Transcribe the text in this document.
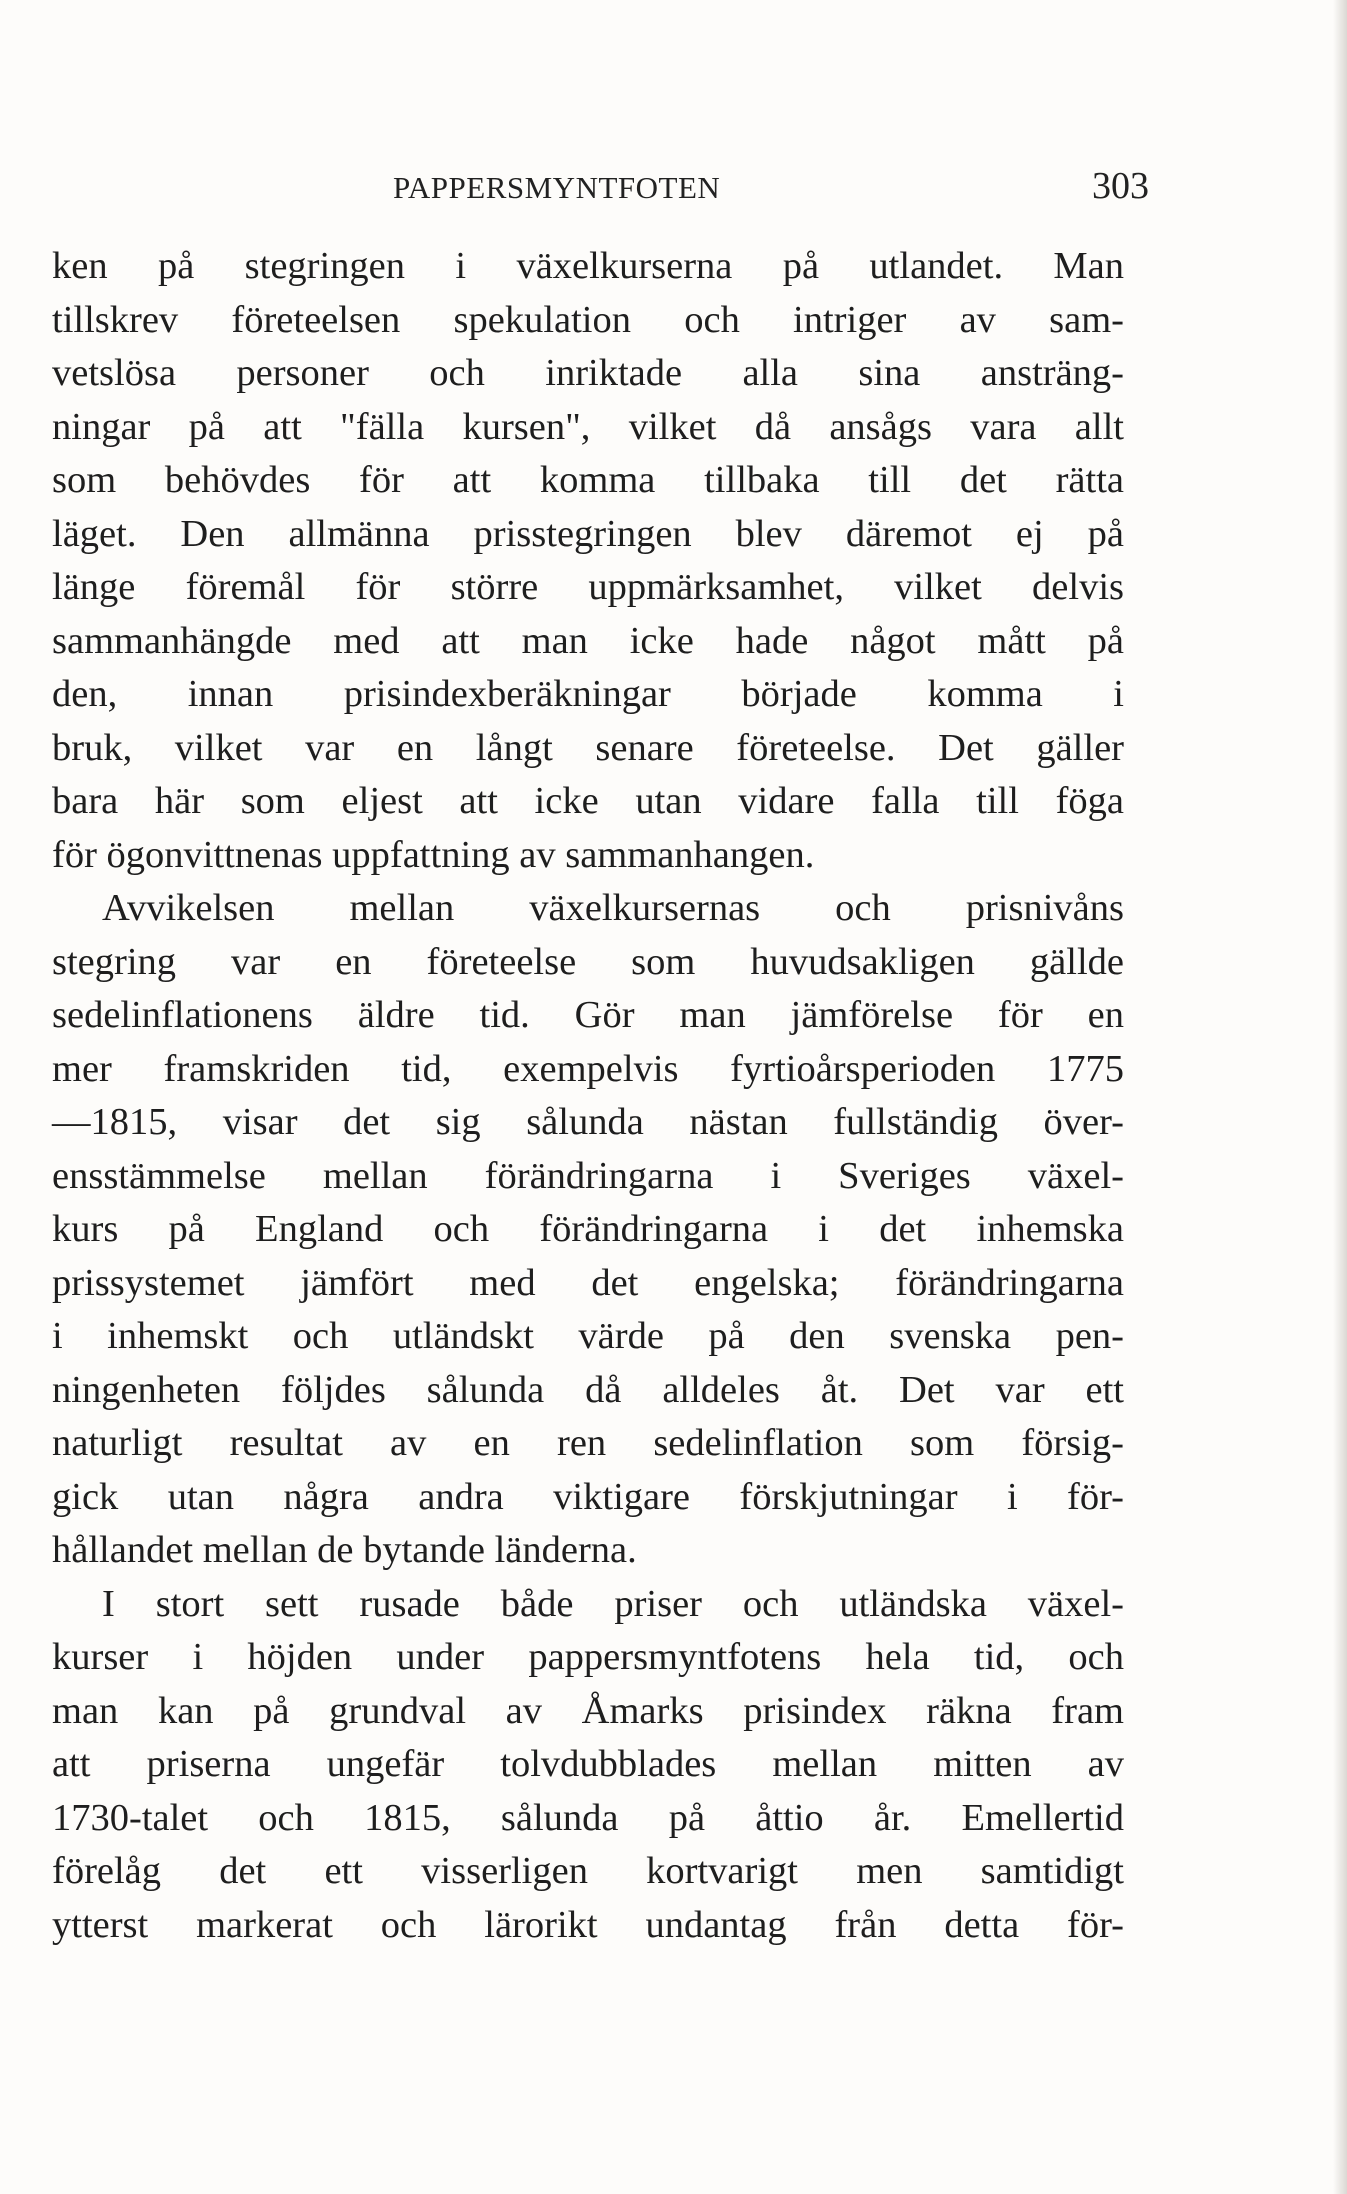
PAPPERSMYNTFOTEN	303
ken på stegringen i växelkurserna på utlandet. Man
tillskrev företeelsen spekulation och intriger av sam-
vetslösa personer och inriktade alla sina ansträng-
ningar på att "fälla kursen", vilket då ansågs vara allt
som behövdes för att komma tillbaka till det rätta
läget. Den allmänna prisstegringen blev däremot ej på
länge föremål för större uppmärksamhet, vilket delvis
sammanhängde med att man icke hade något mått på
den, innan prisindexberäkningar började komma i
bruk, vilket var en långt senare företeelse. Det gäller
bara här som eljest att icke utan vidare falla till föga
för ögonvittnenas uppfattning av sammanhangen.
Avvikelsen mellan växelkursernas och prisnivåns
stegring var en företeelse som huvudsakligen gällde
sedelinflationens äldre tid. Gör man jämförelse för en
mer framskriden tid, exempelvis fyrtioårsperioden 1775
—1815, visar det sig sålunda nästan fullständig över-
ensstämmelse mellan förändringarna i Sveriges växel-
kurs på England och förändringarna i det inhemska
prissystemet jämfört med det engelska; förändringarna
i inhemskt och utländskt värde på den svenska pen-
ningenheten följdes sålunda då alldeles åt. Det var ett
naturligt resultat av en ren sedelinflation som försig-
gick utan några andra viktigare förskjutningar i för-
hållandet mellan de bytande länderna.
I stort sett rusade både priser och utländska växel-
kurser i höjden under pappersmyntfotens hela tid, och
man kan på grundval av Åmarks prisindex räkna fram
att priserna ungefär tolvdubblades mellan mitten av
1730-talet och 1815, sålunda på åttio år. Emellertid
förelåg det ett visserligen kortvarigt men samtidigt
ytterst markerat och lärorikt undantag från detta för-
